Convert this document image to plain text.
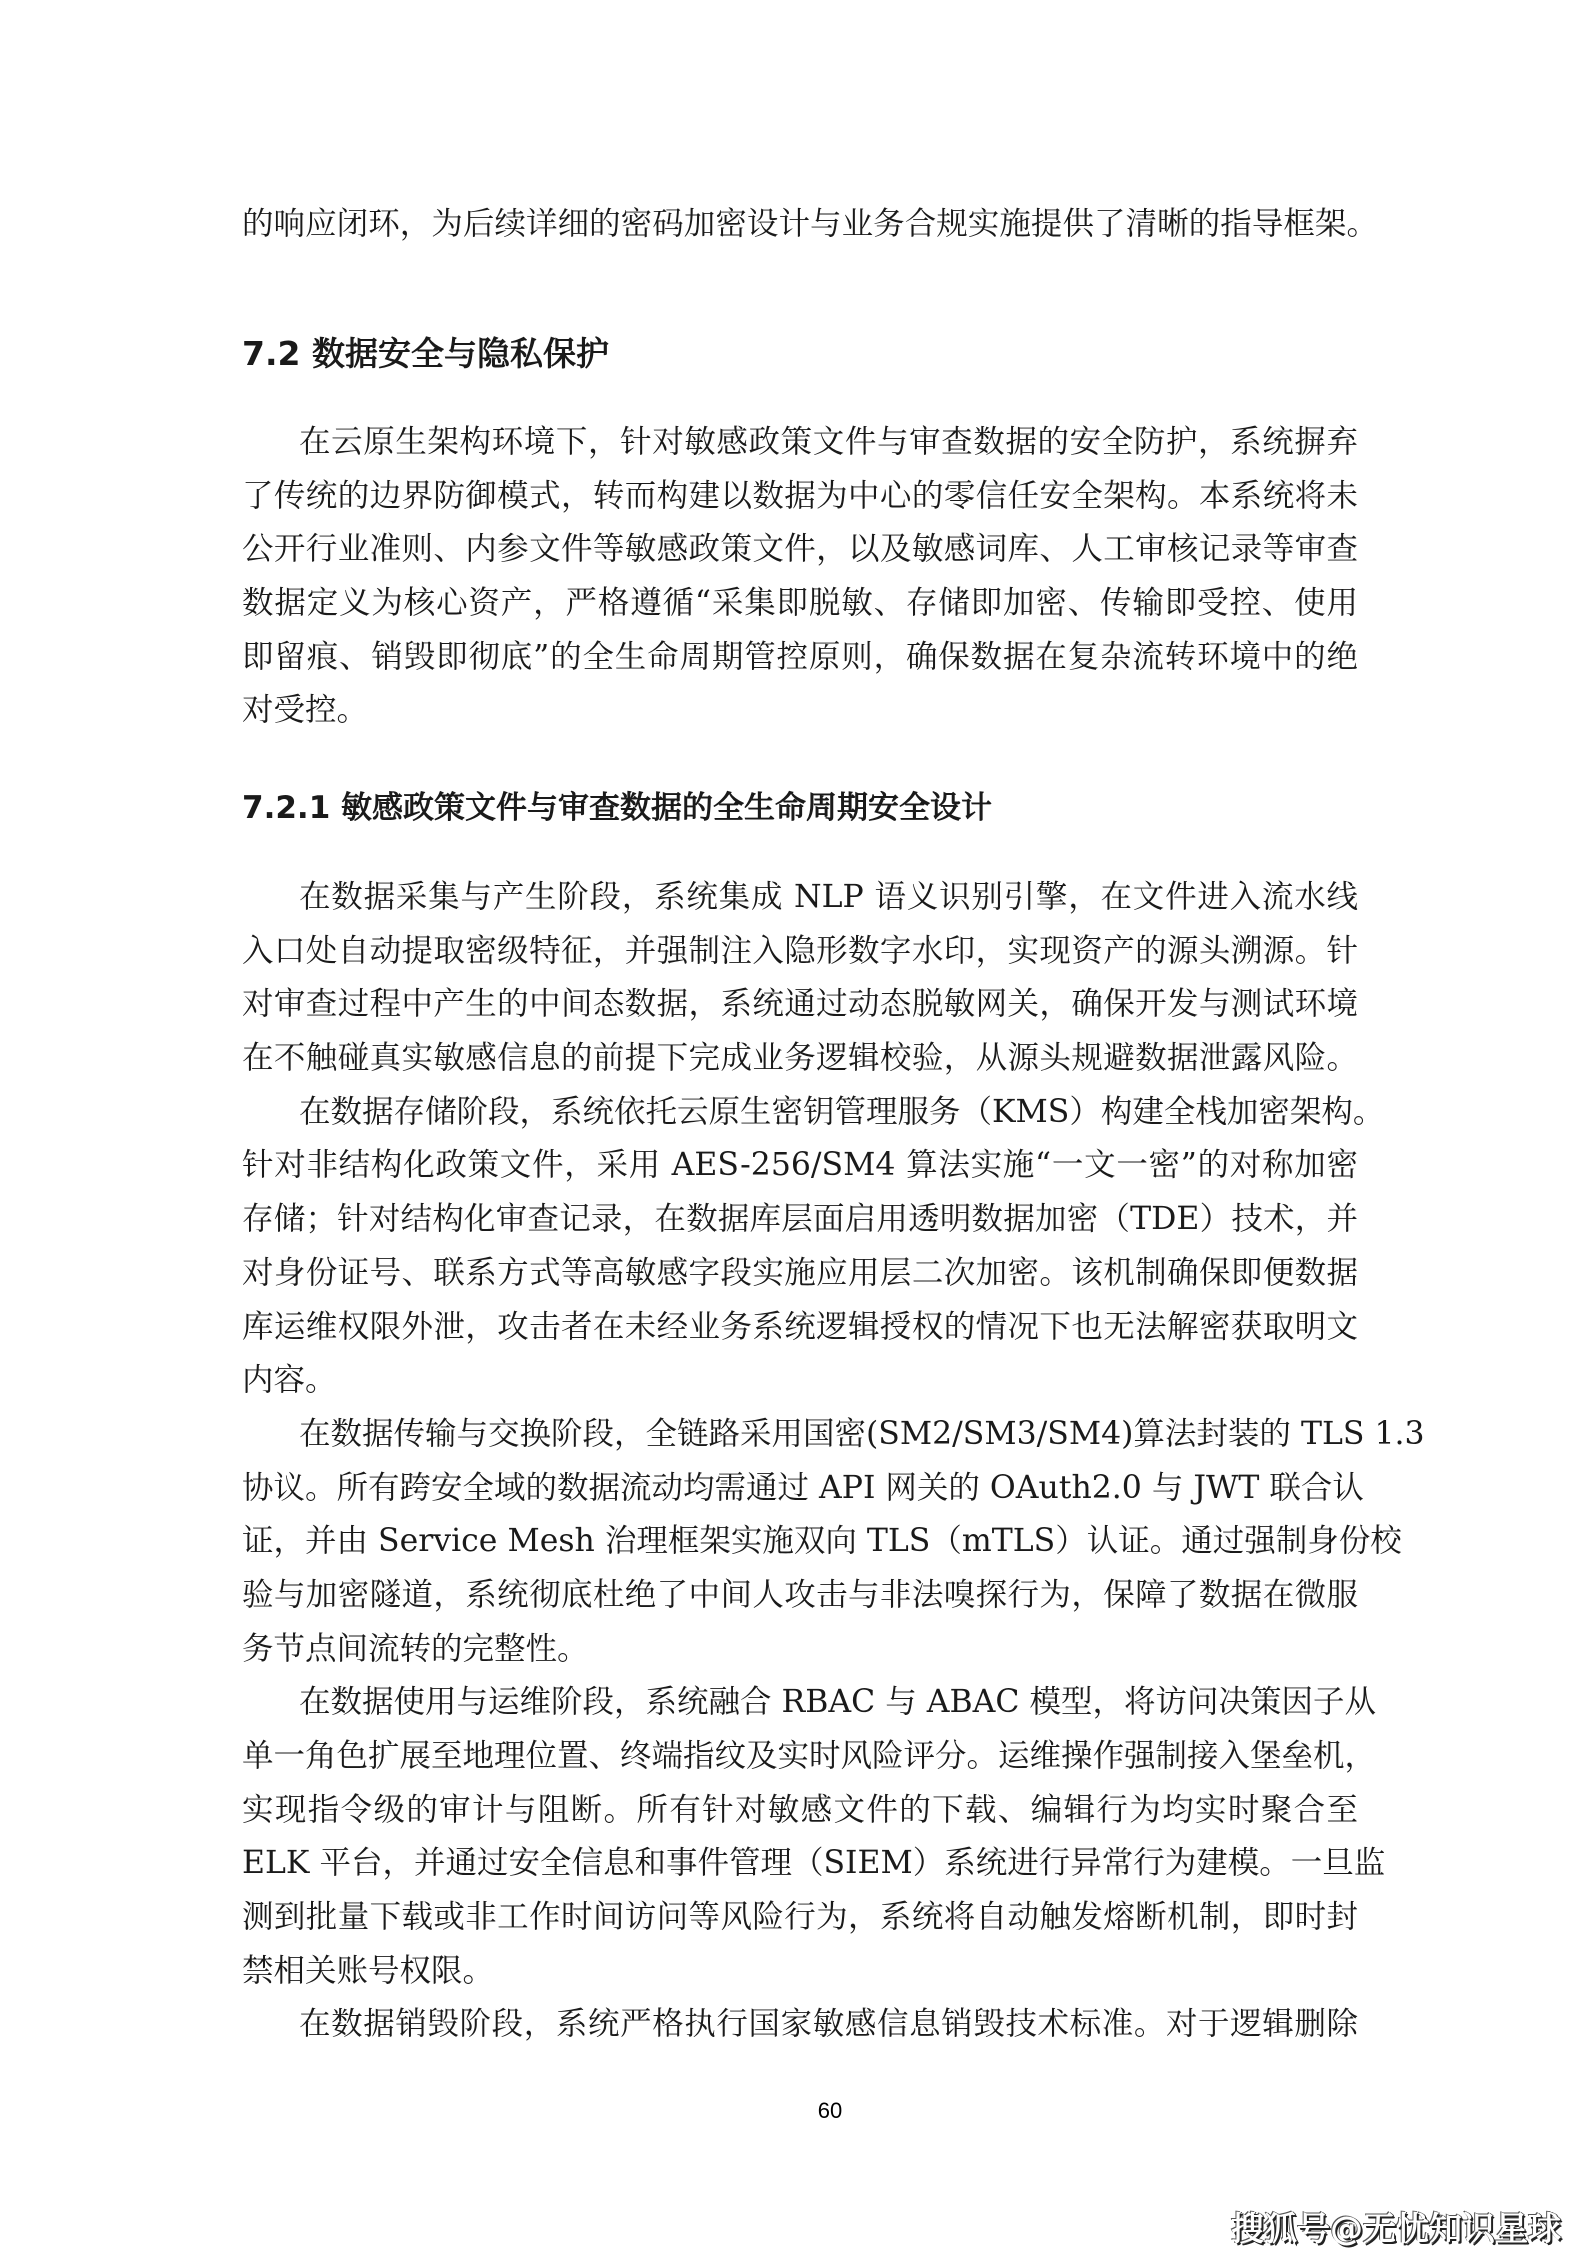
的响应闭环，为后续详细的密码加密设计与业务合规实施提供了清晰的指导框架。
7.2 数据安全与隐私保护
在云原生架构环境下，针对敏感政策文件与审查数据的安全防护，系统摒弃
了传统的边界防御模式，转而构建以数据为中心的零信任安全架构。本系统将未
公开行业准则、内参文件等敏感政策文件，以及敏感词库、人工审核记录等审查
数据定义为核心资产，严格遵循“采集即脱敏、存储即加密、传输即受控、使用
即留痕、销毁即彻底”的全生命周期管控原则，确保数据在复杂流转环境中的绝
对受控。
7.2.1 敏感政策文件与审查数据的全生命周期安全设计
在数据采集与产生阶段，系统集成 NLP 语义识别引擎，在文件进入流水线
入口处自动提取密级特征，并强制注入隐形数字水印，实现资产的源头溯源。针
对审查过程中产生的中间态数据，系统通过动态脱敏网关，确保开发与测试环境
在不触碰真实敏感信息的前提下完成业务逻辑校验，从源头规避数据泄露风险。
在数据存储阶段，系统依托云原生密钥管理服务（KMS）构建全栈加密架构。
针对非结构化政策文件，采用 AES-256/SM4 算法实施“一文一密”的对称加密
存储；针对结构化审查记录，在数据库层面启用透明数据加密（TDE）技术，并
对身份证号、联系方式等高敏感字段实施应用层二次加密。该机制确保即便数据
库运维权限外泄，攻击者在未经业务系统逻辑授权的情况下也无法解密获取明文
内容。
在数据传输与交换阶段，全链路采用国密(SM2/SM3/SM4)算法封装的 TLS 1.3
协议。所有跨安全域的数据流动均需通过 API 网关的 OAuth2.0 与 JWT 联合认
证，并由 Service Mesh 治理框架实施双向 TLS（mTLS）认证。通过强制身份校
验与加密隧道，系统彻底杜绝了中间人攻击与非法嗅探行为，保障了数据在微服
务节点间流转的完整性。
在数据使用与运维阶段，系统融合 RBAC 与 ABAC 模型，将访问决策因子从
单一角色扩展至地理位置、终端指纹及实时风险评分。运维操作强制接入堡垒机，
实现指令级的审计与阻断。所有针对敏感文件的下载、编辑行为均实时聚合至
ELK 平台，并通过安全信息和事件管理（SIEM）系统进行异常行为建模。一旦监
测到批量下载或非工作时间访问等风险行为，系统将自动触发熔断机制，即时封
禁相关账号权限。
在数据销毁阶段，系统严格执行国家敏感信息销毁技术标准。对于逻辑删除
60
搜狐号@无忧知识星球
